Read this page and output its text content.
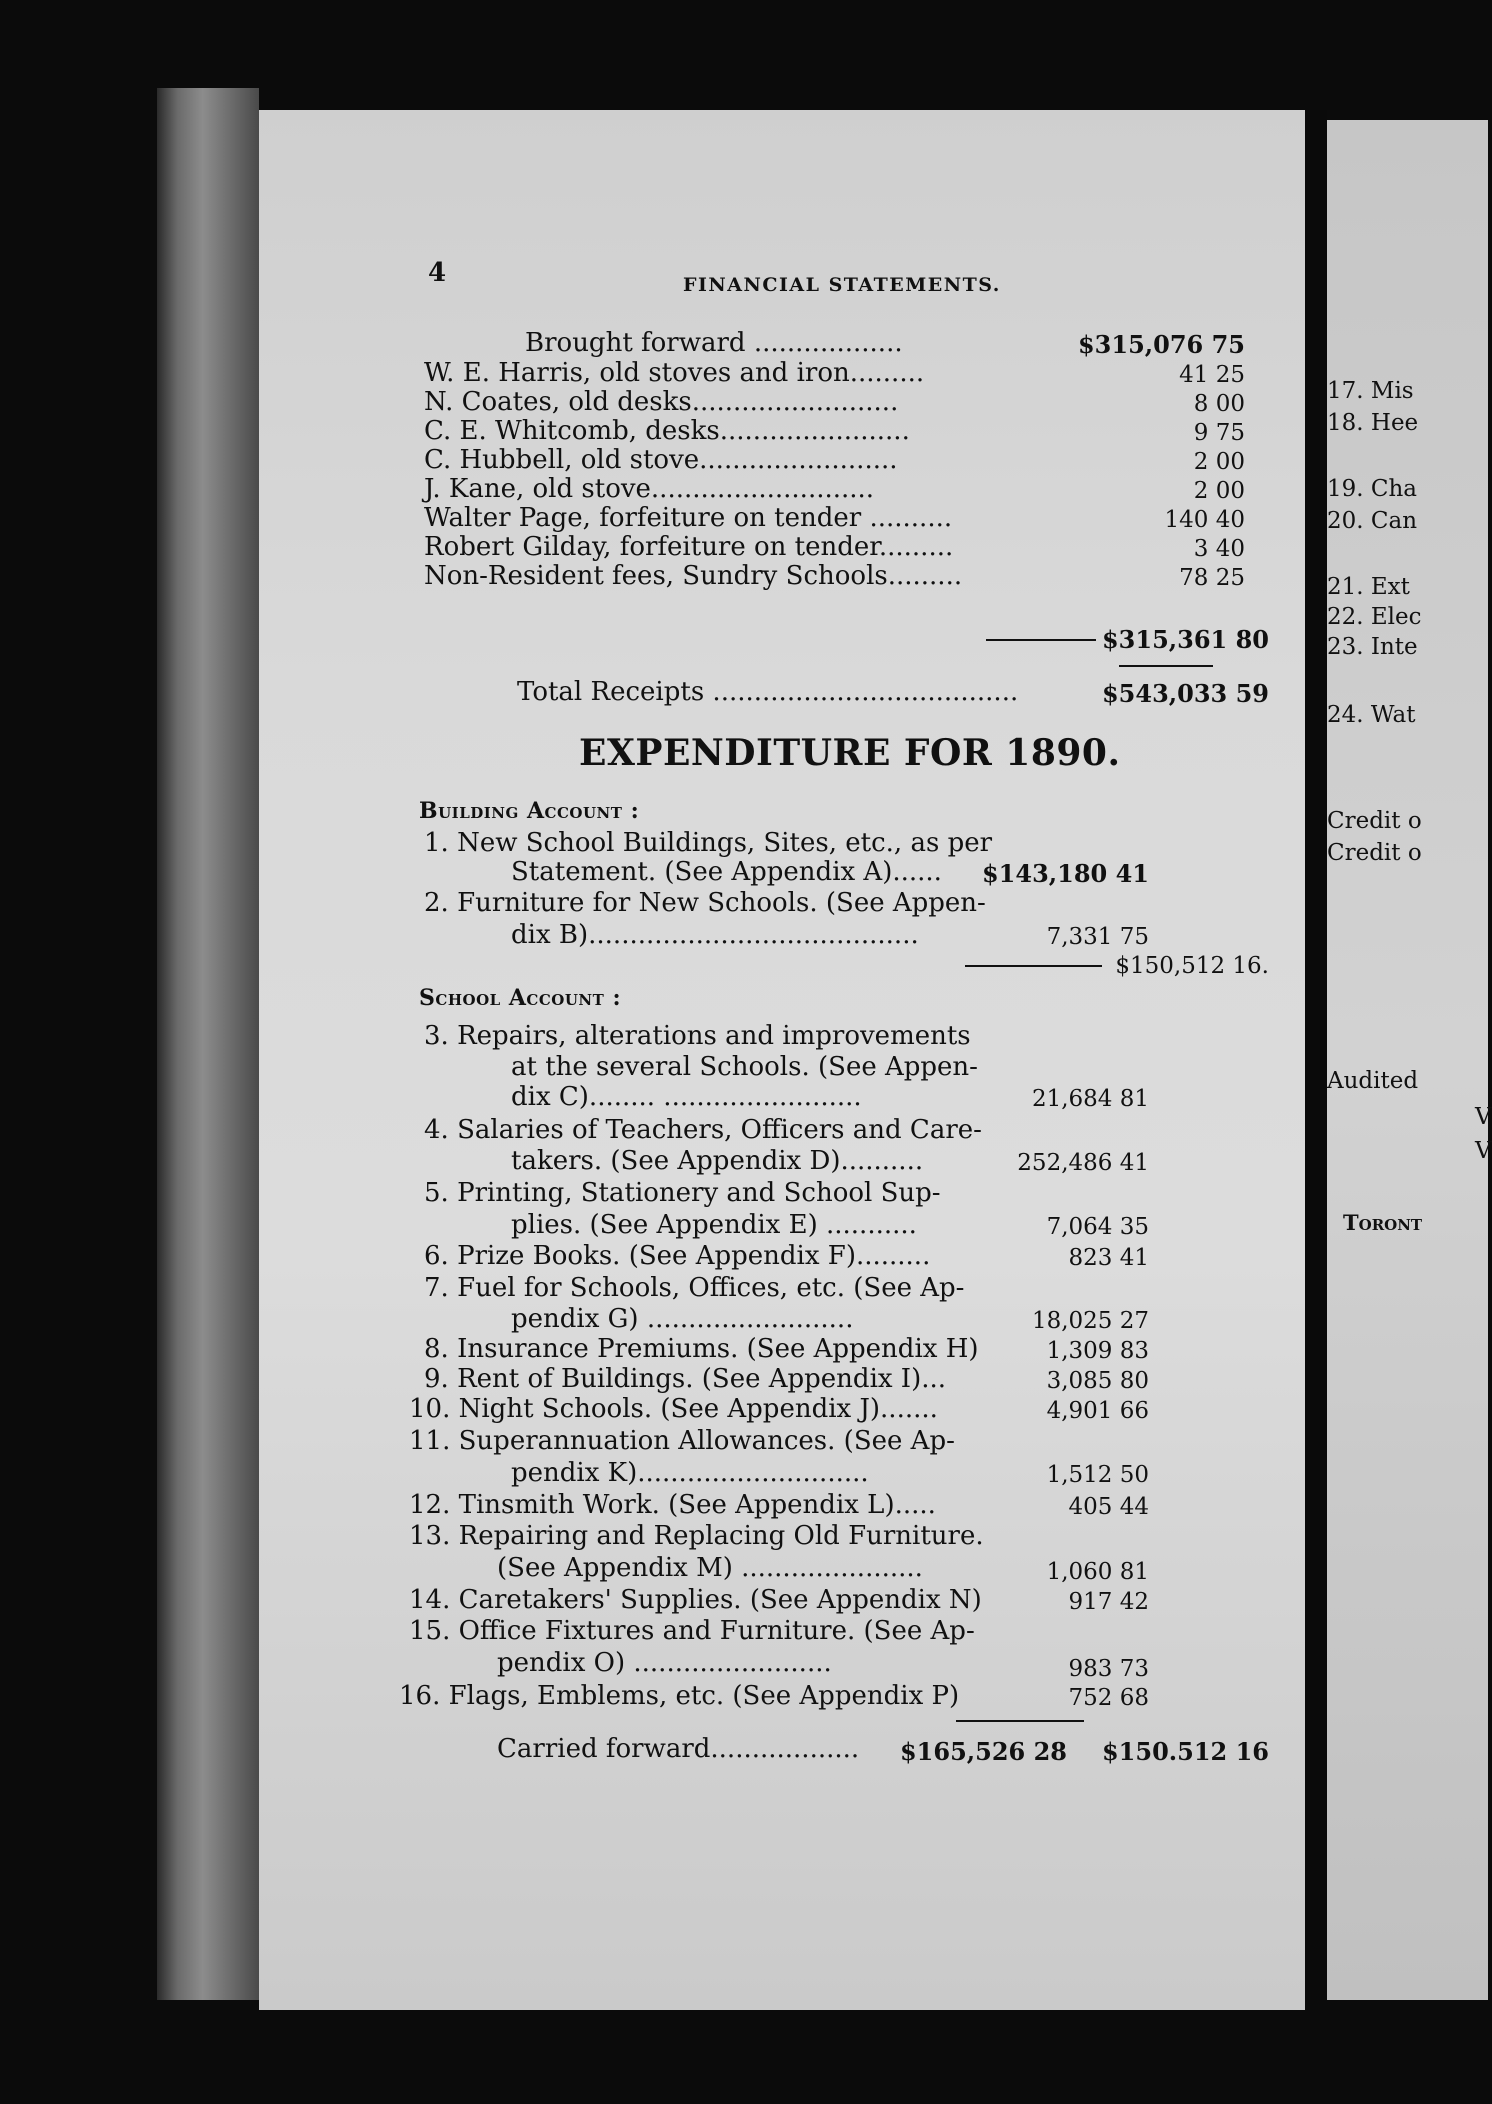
4	FINANCIAL STATEMENTS.
Brought forward ..................	$315,076 75
W. E. Harris, old stoves and iron.........	41 25
N. Coates, old desks.........................	8 00
C. E. Whitcomb, desks.......................	9 75
C. Hubbell, old stove........................	2 00
J. Kane, old stove...........................	2 00
Walter Page, forfeiture on tender ..........	140 40
Robert Gilday, forfeiture on tender.........	3 40
Non-Resident fees, Sundry Schools.........	78 25
$315,361 80
Total Receipts .....................................	$543,033 59
EXPENDITURE FOR 1890.
Building Account :
1. New School Buildings, Sites, etc., as per
Statement. (See Appendix A)...... $143,180 41
2. Furniture for New Schools. (See Appen-
dix B)........................................	7,331 75
$150,512 16.
School Account :
3. Repairs, alterations and improvements
at the several Schools. (See Appen-
dix C)........ ........................	21,684 81
4. Salaries of Teachers, Officers and Care-
takers. (See Appendix D)..........	252,486 41
5. Printing, Stationery and School Sup-
plies. (See Appendix E) ...........	7,064 35
6. Prize Books. (See Appendix F).........	823 41
7. Fuel for Schools, Offices, etc. (See Ap-
pendix G) .........................	18,025 27
8. Insurance Premiums. (See Appendix H)	1,309 83
9. Rent of Buildings. (See Appendix I)...	3,085 80
10. Night Schools. (See Appendix J).......	4,901 66
11. Superannuation Allowances. (See Ap-
pendix K)............................	1,512 50
12. Tinsmith Work. (See Appendix L).....	405 44
13. Repairing and Replacing Old Furniture.
(See Appendix M) ......................	1,060 81
14. Caretakers' Supplies. (See Appendix N)	917 42
15. Office Fixtures and Furniture. (See Ap-
pendix O) ........................	983 73
16. Flags, Emblems, etc. (See Appendix P)	752 68
Carried forward.................. $165,526 28 $150.512 16
17. Mis
18. Hee
19. Cha
20. Can
21. Ext
22. Elec
23. Inte
24. Wat
Credit o
Credit o
Audited
V
V
Toront
